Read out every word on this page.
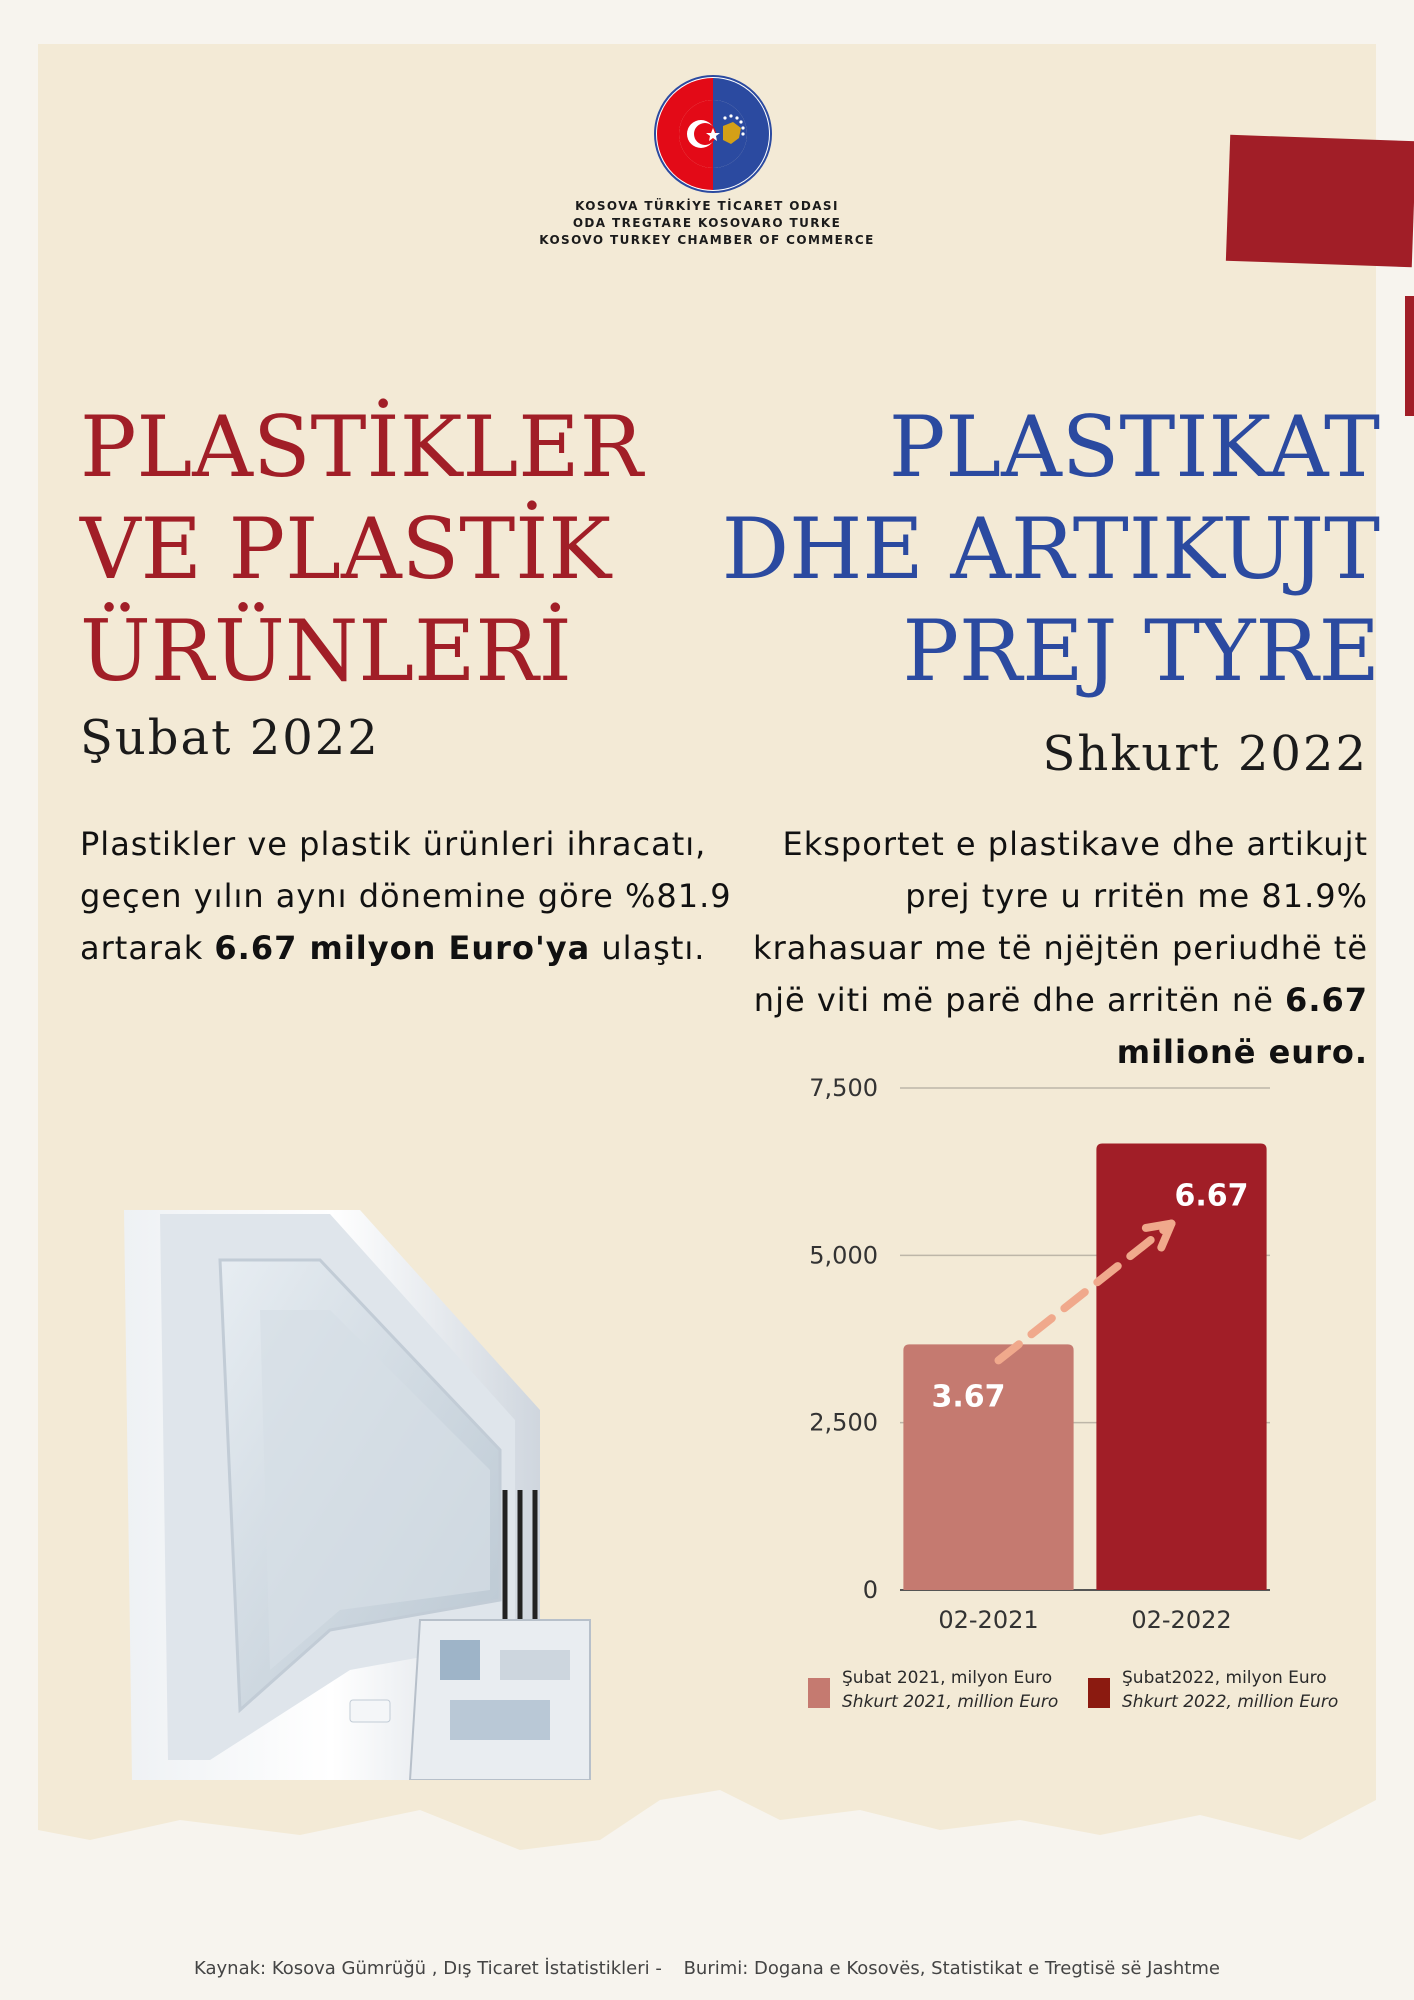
KOSOVA TÜRKİYE TİCARET ODASI
ODA TREGTARE KOSOVARO TURKE
KOSOVO TURKEY CHAMBER OF COMMERCE
PLASTİKLER
VE PLASTİK
ÜRÜNLERİ
PLASTIKAT
DHE ARTIKUJT
PREJ TYRE
Şubat 2022	Shkurt 2022

Plastikler ve plastik ürünleri ihracatı, geçen yılın aynı dönemine göre %81.9 artarak 6.67 milyon Euro'ya ulaştı.

Eksportet e plastikave dhe artikujt prej tyre u rritën me 81.9% krahasuar me të njëjtën periudhë të një viti më parë dhe arritën në 6.67 milionë euro.

0
2,500
5,000
7,500
3.67
6.67
02-2021	02-2022
Şubat 2021, milyon Euro
Shkurt 2021, million Euro
Şubat2022, milyon Euro
Shkurt 2022, million Euro
Kaynak: Kosova Gümrüğü , Dış Ticaret İstatistikleri - Burimi: Dogana e Kosovës, Statistikat e Tregtisë së Jashtme
